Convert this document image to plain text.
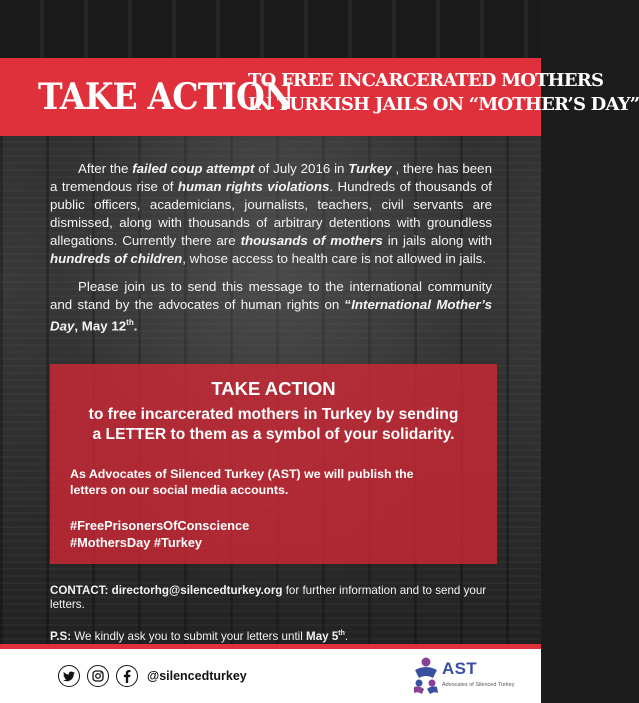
TAKE ACTION
TO FREE INCARCERATED MOTHERS
IN TURKISH JAILS ON “MOTHER’S DAY”

After the failed coup attempt of July 2016 in Turkey , there has been a tremendous rise of human rights violations. Hundreds of thousands of public officers, academicians, journalists, teachers, civil servants are dismissed, along with thousands of arbitrary detentions with groundless allegations. Currently there are thousands of mothers in jails along with hundreds of children, whose access to health care is not allowed in jails.

Please join us to send this message to the international community and stand by the advocates of human rights on “International Mother’s Day, May 12th.

TAKE ACTION
to free incarcerated mothers in Turkey by sending
a LETTER to them as a symbol of your solidarity.
As Advocates of Silenced Turkey (AST) we will publish the
letters on our social media accounts.
#FreePrisonersOfConscience
#MothersDay #Turkey
CONTACT: directorhg@silencedturkey.org for further information and to send your letters.
P.S: We kindly ask you to submit your letters until May 5th.
@silencedturkey	AST
Advocates of Silenced Turkey
